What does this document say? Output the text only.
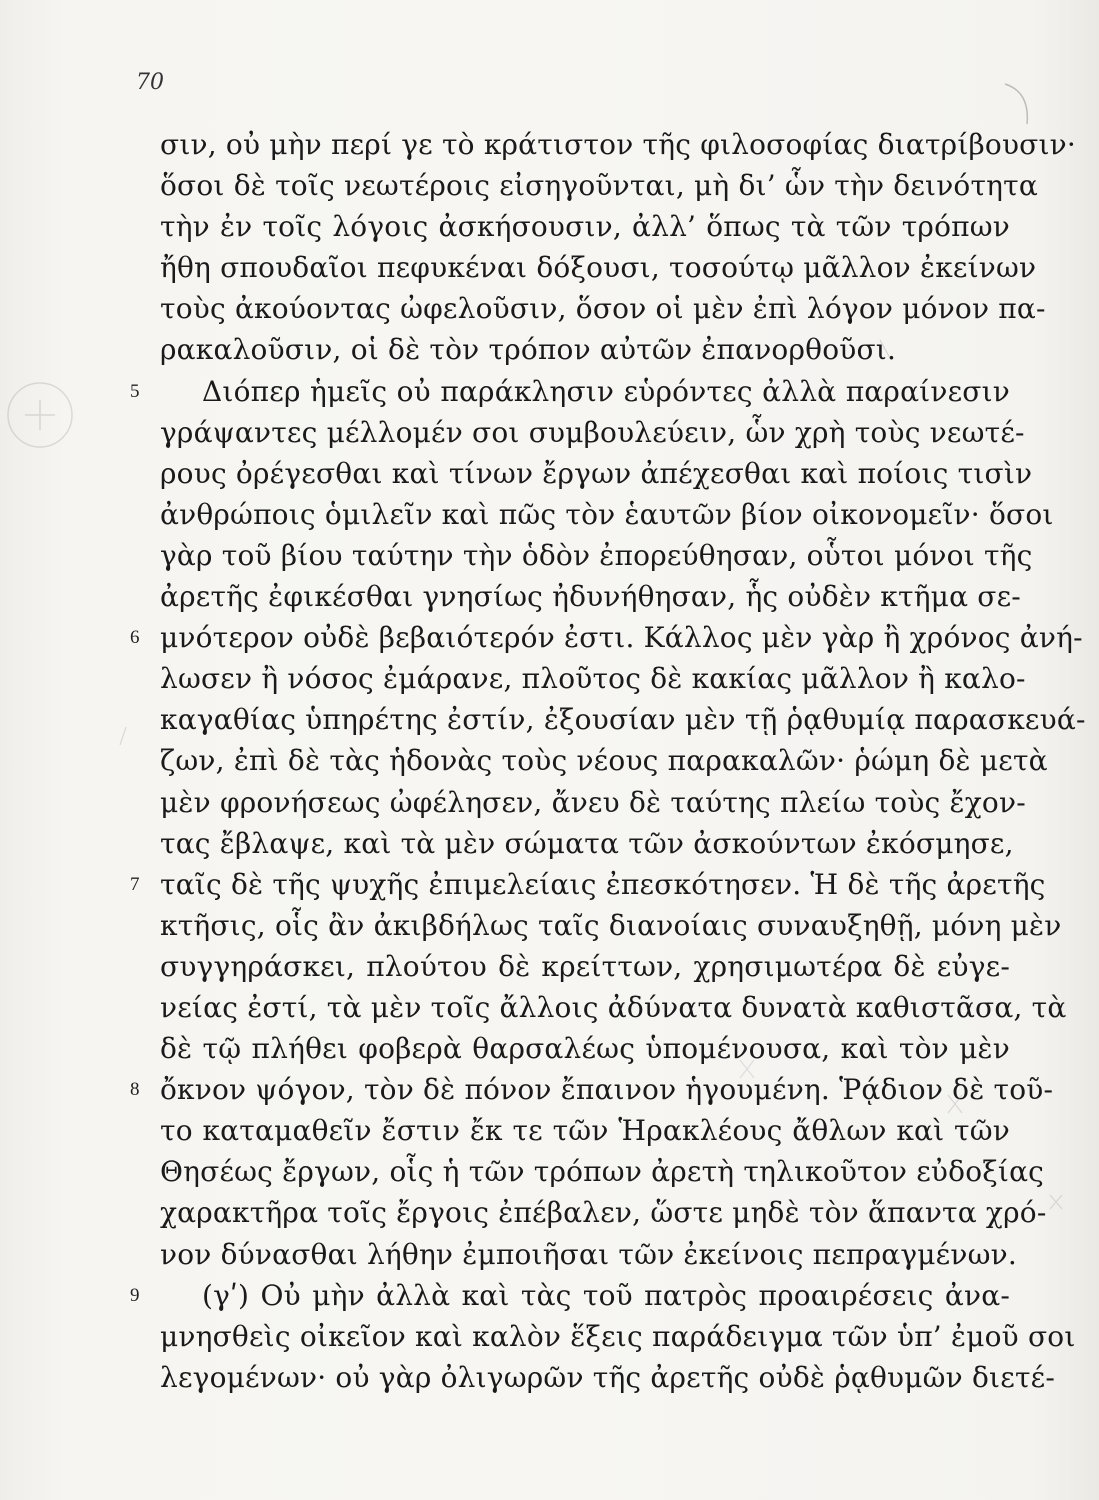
70
σιν, οὐ μὴν περί γε τὸ κράτιστον τῆς φιλοσοφίας διατρίβουσιν·
ὅσοι δὲ τοῖς νεωτέροις εἰσηγοῦνται, μὴ δι’ ὧν τὴν δεινότητα
τὴν ἐν τοῖς λόγοις ἀσκήσουσιν, ἀλλ’ ὅπως τὰ τῶν τρόπων
ἤθη σπουδαῖοι πεφυκέναι δόξουσι, τοσούτῳ μᾶλλον ἐκείνων
τοὺς ἀκούοντας ὠφελοῦσιν, ὅσον οἱ μὲν ἐπὶ λόγον μόνον πα-
ρακαλοῦσιν, οἱ δὲ τὸν τρόπον αὐτῶν ἐπανορθοῦσι.
Διόπερ ἡμεῖς οὐ παράκλησιν εὑρόντες ἀλλὰ παραίνεσιν
γράψαντες μέλλομέν σοι συμβουλεύειν, ὧν χρὴ τοὺς νεωτέ-
ρους ὀρέγεσθαι καὶ τίνων ἔργων ἀπέχεσθαι καὶ ποίοις τισὶν
ἀνθρώποις ὁμιλεῖν καὶ πῶς τὸν ἑαυτῶν βίον οἰκονομεῖν· ὅσοι
γὰρ τοῦ βίου ταύτην τὴν ὁδὸν ἐπορεύθησαν, οὗτοι μόνοι τῆς
ἀρετῆς ἐφικέσθαι γνησίως ἠδυνήθησαν, ἧς οὐδὲν κτῆμα σε-
μνότερον οὐδὲ βεβαιότερόν ἐστι. Κάλλος μὲν γὰρ ἢ χρόνος ἀνή-
λωσεν ἢ νόσος ἐμάρανε, πλοῦτος δὲ κακίας μᾶλλον ἢ καλο-
καγαθίας ὑπηρέτης ἐστίν, ἐξουσίαν μὲν τῇ ῥᾳθυμίᾳ παρασκευά-
ζων, ἐπὶ δὲ τὰς ἡδονὰς τοὺς νέους παρακαλῶν· ῥώμη δὲ μετὰ
μὲν φρονήσεως ὠφέλησεν, ἄνευ δὲ ταύτης πλείω τοὺς ἔχον-
τας ἔβλαψε, καὶ τὰ μὲν σώματα τῶν ἀσκούντων ἐκόσμησε,
ταῖς δὲ τῆς ψυχῆς ἐπιμελείαις ἐπεσκότησεν. Ἡ δὲ τῆς ἀρετῆς
κτῆσις, οἷς ἂν ἀκιβδήλως ταῖς διανοίαις συναυξηθῇ, μόνη μὲν
συγγηράσκει, πλούτου δὲ κρείττων, χρησιμωτέρα δὲ εὐγε-
νείας ἐστί, τὰ μὲν τοῖς ἄλλοις ἀδύνατα δυνατὰ καθιστᾶσα, τὰ
δὲ τῷ πλήθει φοβερὰ θαρσαλέως ὑπομένουσα, καὶ τὸν μὲν
ὄκνον ψόγον, τὸν δὲ πόνον ἔπαινον ἡγουμένη. Ῥᾴδιον δὲ τοῦ-
το καταμαθεῖν ἔστιν ἔκ τε τῶν Ἡρακλέους ἄθλων καὶ τῶν
Θησέως ἔργων, οἷς ἡ τῶν τρόπων ἀρετὴ τηλικοῦτον εὐδοξίας
χαρακτῆρα τοῖς ἔργοις ἐπέβαλεν, ὥστε μηδὲ τὸν ἅπαντα χρό-
νον δύνασθαι λήθην ἐμποιῆσαι τῶν ἐκείνοις πεπραγμένων.
(γʹ) Οὐ μὴν ἀλλὰ καὶ τὰς τοῦ πατρὸς προαιρέσεις ἀνα-
μνησθεὶς οἰκεῖον καὶ καλὸν ἕξεις παράδειγμα τῶν ὑπ’ ἐμοῦ σοι
λεγομένων· οὐ γὰρ ὀλιγωρῶν τῆς ἀρετῆς οὐδὲ ῥᾳθυμῶν διετέ-
5
6
7
8
9
